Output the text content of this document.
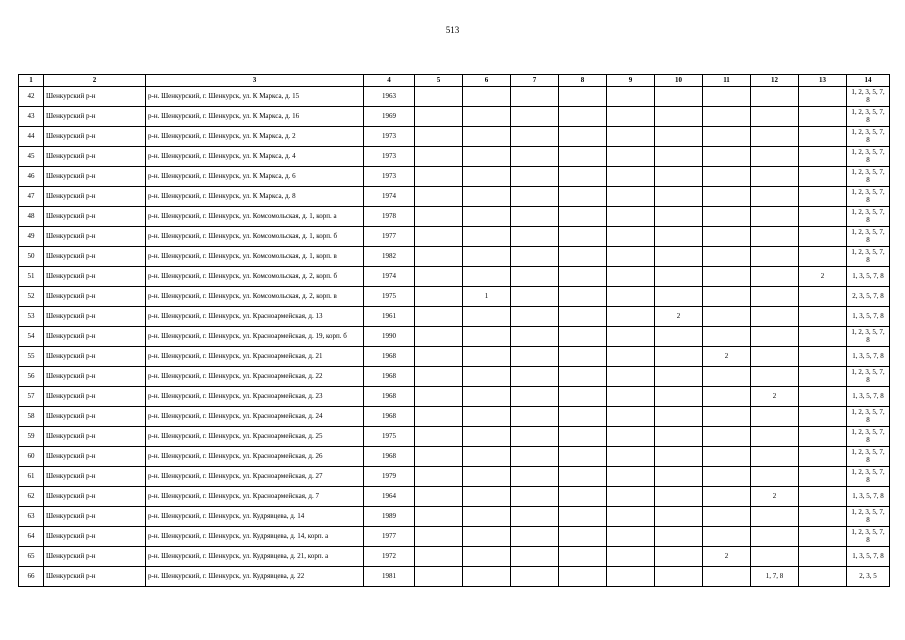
513
1	2	3	4	5	6	7	8	9	10	11	12	13	14
42	Шенкурский р-н	р-н. Шенкурский, г. Шенкурск, ул. К Маркса, д. 15	1963										1, 2, 3, 5, 7, 8
43	Шенкурский р-н	р-н. Шенкурский, г. Шенкурск, ул. К Маркса, д. 16	1969										1, 2, 3, 5, 7, 8
44	Шенкурский р-н	р-н. Шенкурский, г. Шенкурск, ул. К Маркса, д. 2	1973										1, 2, 3, 5, 7, 8
45	Шенкурский р-н	р-н. Шенкурский, г. Шенкурск, ул. К Маркса, д. 4	1973										1, 2, 3, 5, 7, 8
46	Шенкурский р-н	р-н. Шенкурский, г. Шенкурск, ул. К Маркса, д. 6	1973										1, 2, 3, 5, 7, 8
47	Шенкурский р-н	р-н. Шенкурский, г. Шенкурск, ул. К Маркса, д. 8	1974										1, 2, 3, 5, 7, 8
48	Шенкурский р-н	р-н. Шенкурский, г. Шенкурск, ул. Комсомольская, д. 1, корп. а	1978										1, 2, 3, 5, 7, 8
49	Шенкурский р-н	р-н. Шенкурский, г. Шенкурск, ул. Комсомольская, д. 1, корп. б	1977										1, 2, 3, 5, 7, 8
50	Шенкурский р-н	р-н. Шенкурский, г. Шенкурск, ул. Комсомольская, д. 1, корп. в	1982										1, 2, 3, 5, 7, 8
51	Шенкурский р-н	р-н. Шенкурский, г. Шенкурск, ул. Комсомольская, д. 2, корп. б	1974									2	1, 3, 5, 7, 8
52	Шенкурский р-н	р-н. Шенкурский, г. Шенкурск, ул. Комсомольская, д. 2, корп. в	1975		1								2, 3, 5, 7, 8
53	Шенкурский р-н	р-н. Шенкурский, г. Шенкурск, ул. Красноармейская, д. 13	1961						2				1, 3, 5, 7, 8
54	Шенкурский р-н	р-н. Шенкурский, г. Шенкурск, ул. Красноармейская, д. 19, корп. б	1990										1, 2, 3, 5, 7, 8
55	Шенкурский р-н	р-н. Шенкурский, г. Шенкурск, ул. Красноармейская, д. 21	1968							2			1, 3, 5, 7, 8
56	Шенкурский р-н	р-н. Шенкурский, г. Шенкурск, ул. Красноармейская, д. 22	1968										1, 2, 3, 5, 7, 8
57	Шенкурский р-н	р-н. Шенкурский, г. Шенкурск, ул. Красноармейская, д. 23	1968								2		1, 3, 5, 7, 8
58	Шенкурский р-н	р-н. Шенкурский, г. Шенкурск, ул. Красноармейская, д. 24	1968										1, 2, 3, 5, 7, 8
59	Шенкурский р-н	р-н. Шенкурский, г. Шенкурск, ул. Красноармейская, д. 25	1975										1, 2, 3, 5, 7, 8
60	Шенкурский р-н	р-н. Шенкурский, г. Шенкурск, ул. Красноармейская, д. 26	1968										1, 2, 3, 5, 7, 8
61	Шенкурский р-н	р-н. Шенкурский, г. Шенкурск, ул. Красноармейская, д. 27	1979										1, 2, 3, 5, 7, 8
62	Шенкурский р-н	р-н. Шенкурский, г. Шенкурск, ул. Красноармейская, д. 7	1964								2		1, 3, 5, 7, 8
63	Шенкурский р-н	р-н. Шенкурский, г. Шенкурск, ул. Кудрявцева, д. 14	1989										1, 2, 3, 5, 7, 8
64	Шенкурский р-н	р-н. Шенкурский, г. Шенкурск, ул. Кудрявцева, д. 14, корп. а	1977										1, 2, 3, 5, 7, 8
65	Шенкурский р-н	р-н. Шенкурский, г. Шенкурск, ул. Кудрявцева, д. 21, корп. а	1972							2			1, 3, 5, 7, 8
66	Шенкурский р-н	р-н. Шенкурский, г. Шенкурск, ул. Кудрявцева, д. 22	1981								1, 7, 8		2, 3, 5
